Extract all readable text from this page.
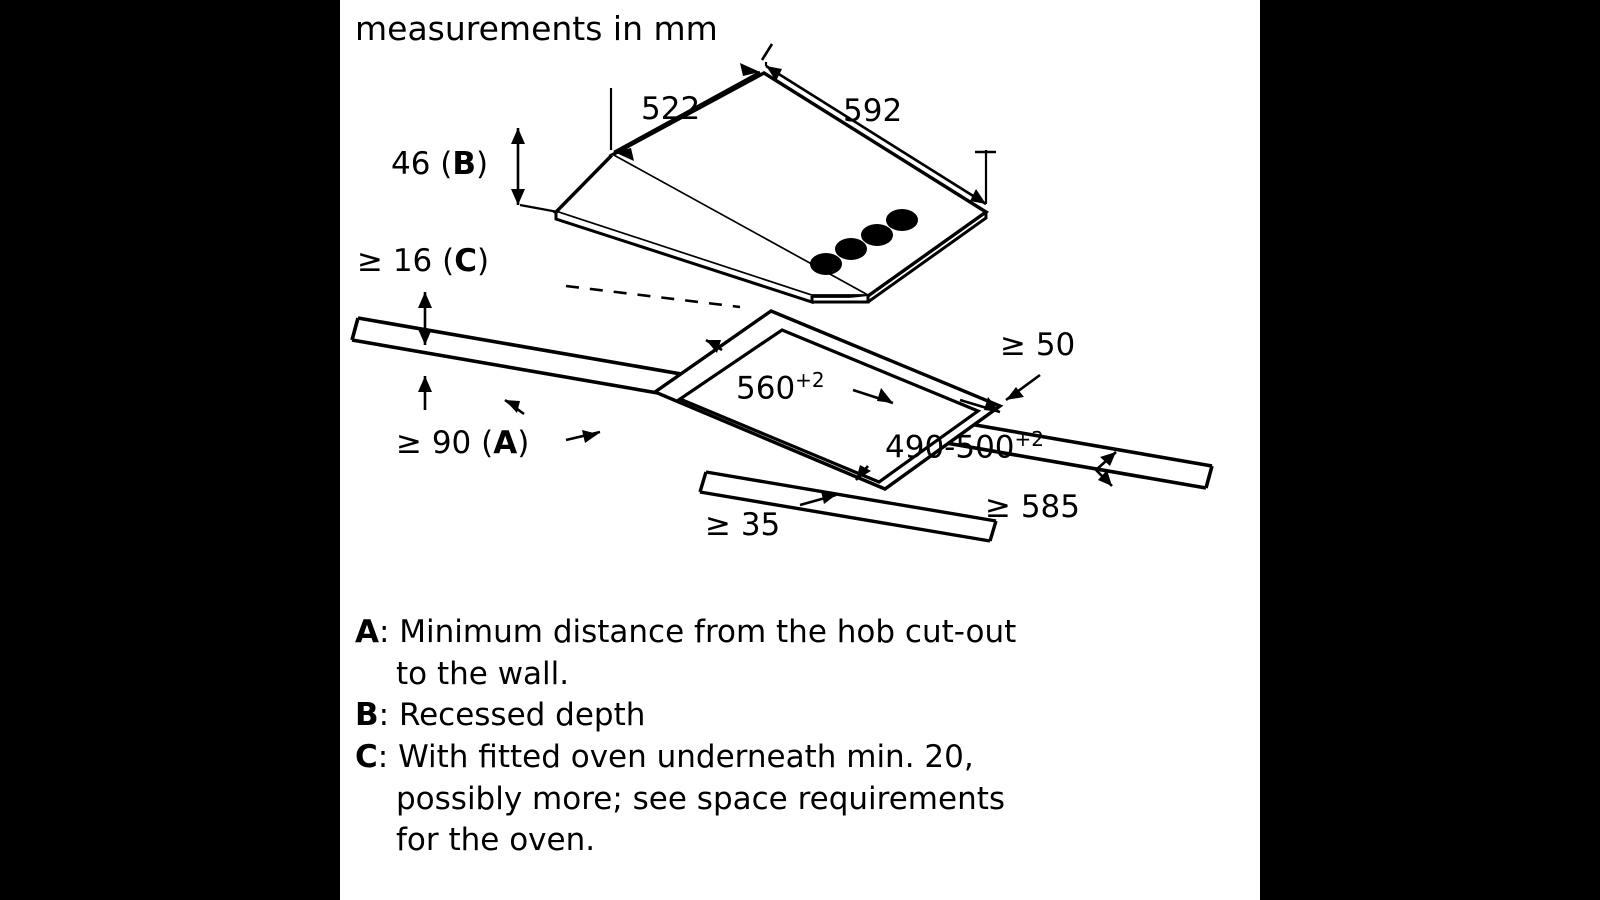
measurements in mm
522	592
46 (B)
≥ 16 (C)
≥ 90 (A)
$560^{+2}$
$490-500^{+2}$
≥ 50
≥ 35	≥ 585
A: Minimum distance from the hob cut-out
to the wall.
B: Recessed depth
C: With fitted oven underneath min. 20,
possibly more; see space requirements
for the oven.
